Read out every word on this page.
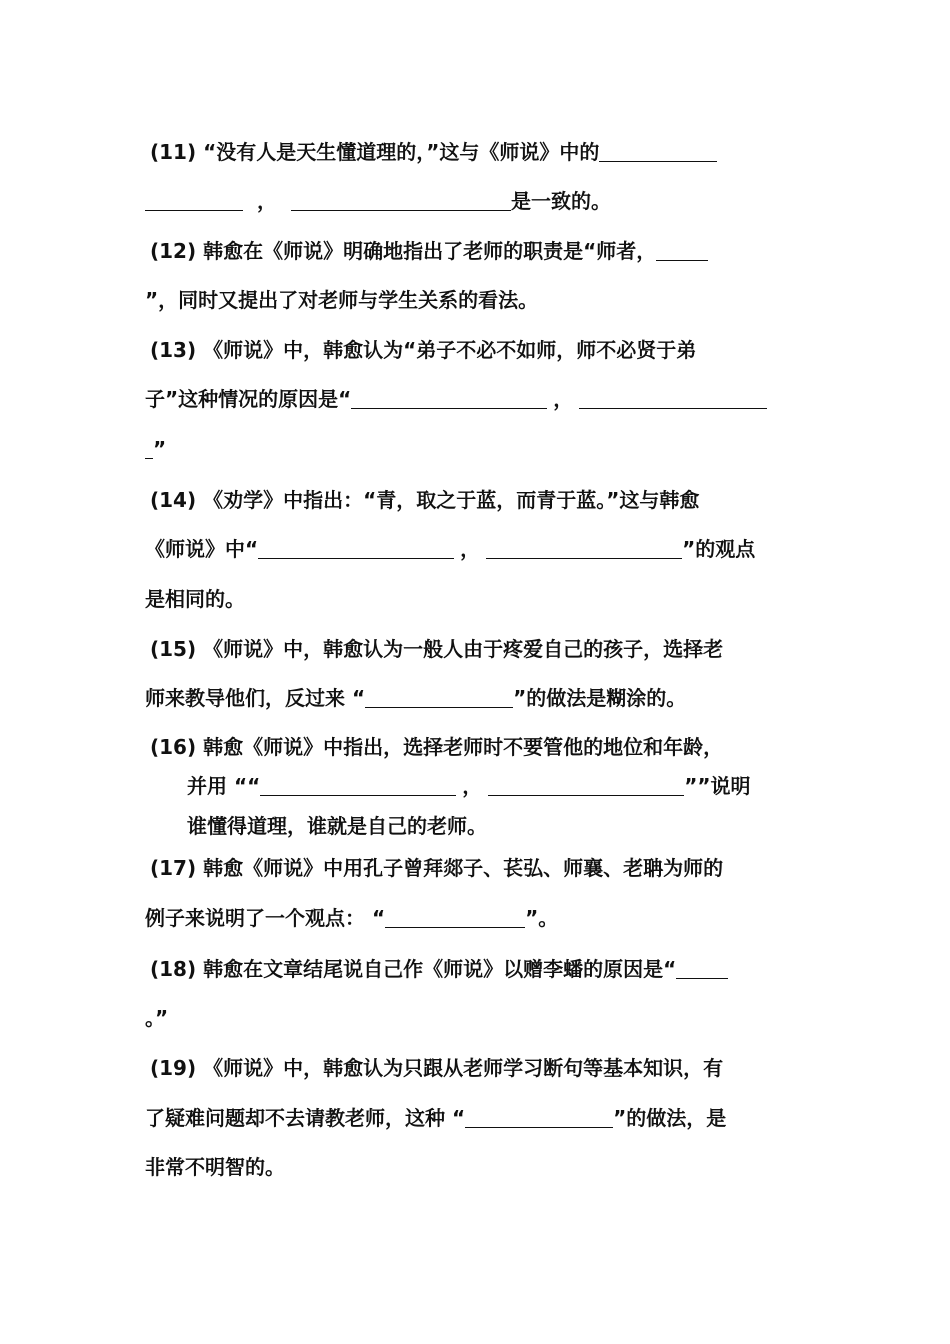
(11) “没有人是天生懂道理的，”这与《师说》中的
，	是一致的。
(12) 韩愈在《师说》明确地指出了老师的职责是“师者，
”，同时又提出了对老师与学生关系的看法。
(13) 《师说》中，韩愈认为“弟子不必不如师，师不必贤于弟
子”这种情况的原因是“	，
”
(14) 《劝学》中指出：“青，取之于蓝，而青于蓝。”这与韩愈
《师说》中“	，	”的观点
是相同的。
(15) 《师说》中，韩愈认为一般人由于疼爱自己的孩子，选择老
师来教导他们，反过来 “	”的做法是糊涂的。
(16) 韩愈《师说》中指出，选择老师时不要管他的地位和年龄，
并用 ““	，	””说明
谁懂得道理，谁就是自己的老师。
(17) 韩愈《师说》中用孔子曾拜郯子、苌弘、师襄、老聃为师的
例子来说明了一个观点： “	”。
(18) 韩愈在文章结尾说自己作《师说》以赠李蟠的原因是“
。”
(19) 《师说》中，韩愈认为只跟从老师学习断句等基本知识，有
了疑难问题却不去请教老师，这种 “	”的做法，是
非常不明智的。
